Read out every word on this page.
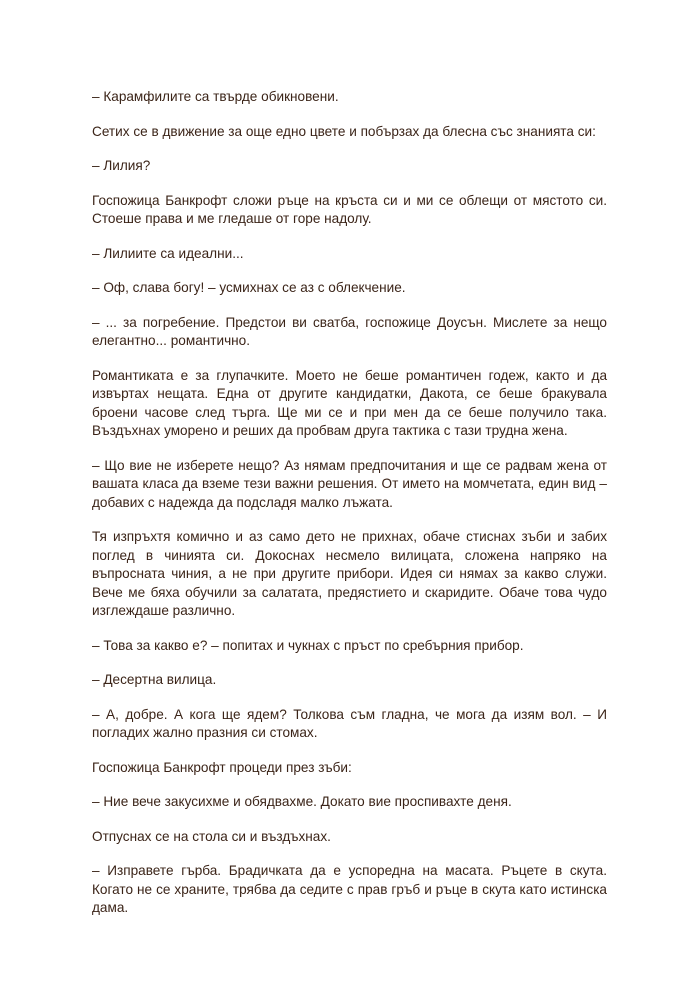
– Карамфилите са твърде обикновени.

Сетих се в движение за още едно цвете и побързах да блесна със знанията си:

– Лилия?

Госпожица Банкрофт сложи ръце на кръста си и ми се облещи от мястото си. Стоеше права и ме гледаше от горе надолу.

– Лилиите са идеални...

– Оф, слава богу! – усмихнах се аз с облекчение.

– ... за погребение. Предстои ви сватба, госпожице Доусън. Мислете за нещо елегантно... романтично.

Романтиката е за глупачките. Моето не беше романтичен годеж, както и да извъртах нещата. Една от другите кандидатки, Дакота, се беше бракувала броени часове след търга. Щe ми се и при мен да се беше получило така. Въздъхнах уморено и реших да пробвам друга тактика с тази трудна жена.

– Що вие не изберете нещо? Аз нямам предпочитания и ще се радвам жена от вашата класа да вземе тези важни решения. От името на момчетата, един вид – добавих с надежда да подсладя малко лъжата.

Тя изпръхтя комично и аз само дето не прихнах, обаче стиснах зъби и забих поглед в чинията си. Докоснах несмело вилицата, сложена напряко на въпросната чиния, а не при другите прибори. Идея си нямах за какво служи. Вече ме бяха обучили за салатата, предястието и скаридите. Обаче това чудо изглеждаше различно.

– Това за какво е? – попитах и чукнах с пръст по сребърния прибор.

– Десертна вилица.

– А, добре. А кога ще ядем? Толкова съм гладна, че мога да изям вол. – И погладих жално празния си стомах.

Госпожица Банкрофт процеди през зъби:

– Ние вече закусихме и обядвахме. Докато вие проспивахте деня.

Отпуснах се на стола си и въздъхнах.

– Изправете гърба. Брадичката да е успоредна на масата. Ръцете в скута. Когато не се храните, трябва да седите с прав гръб и ръце в скута като истинска дама.
